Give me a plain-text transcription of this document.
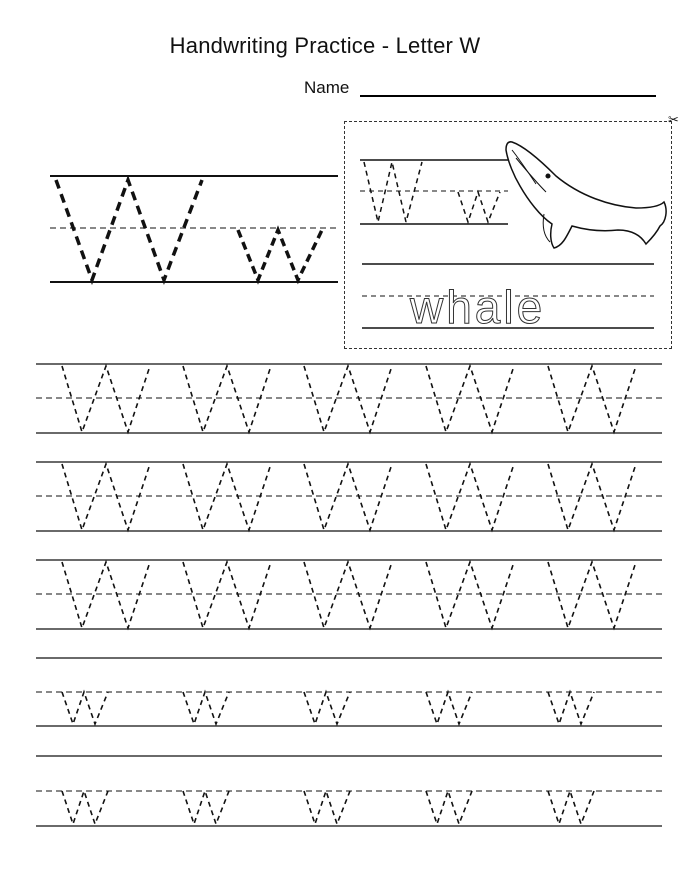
Handwriting Practice - Letter W
Name
✂
whale
